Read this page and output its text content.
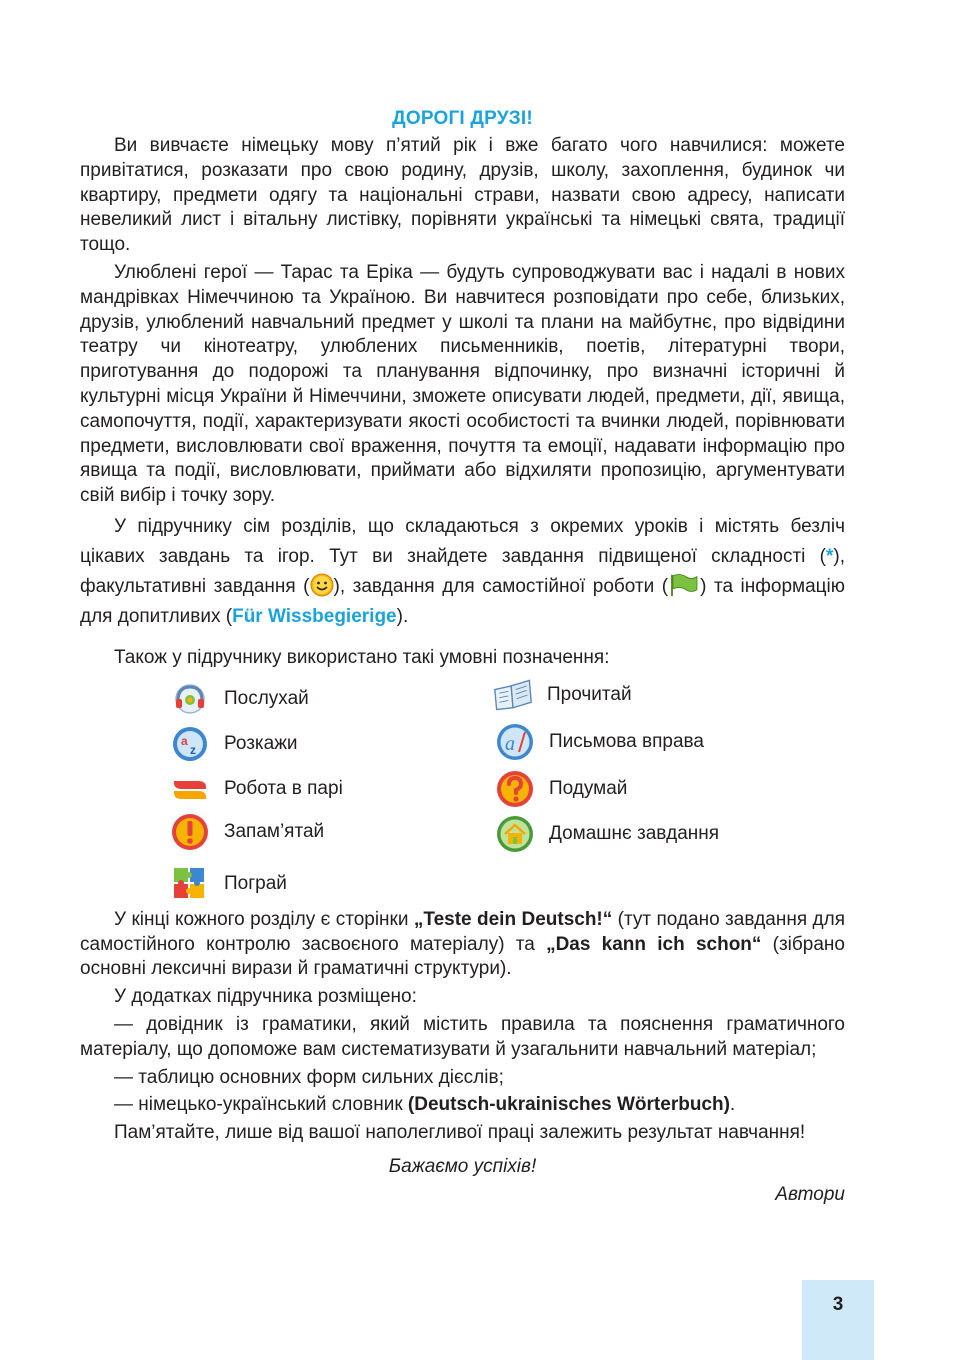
ДОРОГІ ДРУЗІ!

Ви вивчаєте німецьку мову п’ятий рік і вже багато чого навчилися: можете привітатися, розказати про свою родину, друзів, школу, захоплення, будинок чи квартиру, предмети одягу та національні страви, назвати свою адресу, написати невеликий лист і вітальну листівку, порівняти українські та німецькі свята, традиції тощо.

Улюблені герої — Тарас та Еріка — будуть супроводжувати вас і надалі в нових мандрівках Німеччиною та Україною. Ви навчитеся розповідати про себе, близьких, друзів, улюблений навчальний предмет у школі та плани на майбутнє, про відвідини театру чи кінотеатру, улюблених письменників, поетів, літературні твори, приготування до подорожі та планування відпочинку, про визначні історичні й культурні місця України й Німеччини, зможете описувати людей, предмети, дії, явища, самопочуття, події, характеризувати якості особистості та вчинки людей, порівнювати предмети, висловлювати свої враження, почуття та емоції, надавати інформацію про явища та події, висловлювати, приймати або відхиляти пропозицію, аргументувати свій вибір і точку зору.

У підручнику сім розділів, що складаються з окремих уроків і містять безліч цікавих завдань та ігор. Тут ви знайдете завдання підвищеної складності (*), факультативні завдання ( ), завдання для самостійної роботи ( ) та інформацію для допитливих (Für Wissbegierige).

Також у підручнику використано такі умовні позначення:

Послухай
a
z Розкажи
Робота в парі
Запам’ятай
Пограй
Прочитай
a Письмова вправа
Подумай
Домашнє завдання

У кінці кожного розділу є сторінки „Teste dein Deutsch!“ (тут подано завдання для самостійного контролю засвоєного матеріалу) та „Das kann ich schon“ (зібрано основні лексичні вирази й граматичні структури).

У додатках підручника розміщено:

— довідник із граматики, який містить правила та пояснення граматичного матеріалу, що допоможе вам систематизувати й узагальнити навчальний матеріал;

— таблицю основних форм сильних дієслів;

— німецько-український словник (Deutsch-ukrainisches Wörterbuch).

Пам’ятайте, лише від вашої наполегливої праці залежить результат навчання!

Бажаємо успіхів!
Автори
3
